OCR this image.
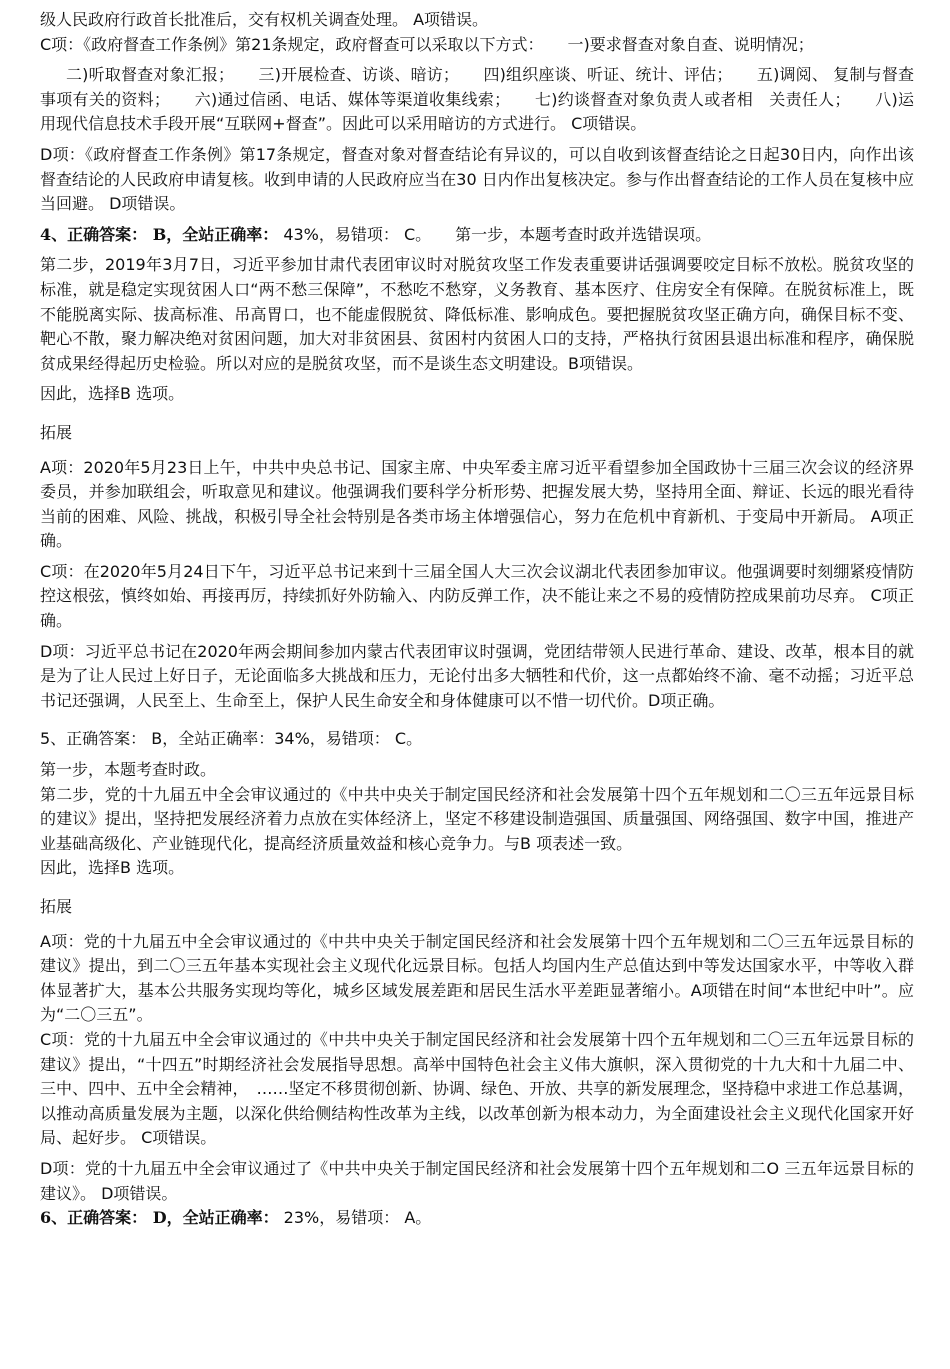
级人民政府行政首长批准后，交有权机关调查处理。 A项错误。

C项：《政府督查工作条例》第21条规定，政府督查可以采取以下方式：　　一)要求督查对象自查、说明情况；

二)听取督查对象汇报；　　三)开展检查、访谈、暗访；　　四)组织座谈、听证、统计、评估；　　五)调阅、 复制与督查事项有关的资料；　　六)通过信函、电话、媒体等渠道收集线索；　　七)约谈督查对象负责人或者相　关责任人；　　八)运用现代信息技术手段开展“互联网+督查”。因此可以采用暗访的方式进行。 C项错误。

D项：《政府督查工作条例》第17条规定，督查对象对督查结论有异议的，可以自收到该督查结论之日起30日内，向作出该督查结论的人民政府申请复核。收到申请的人民政府应当在30 日内作出复核决定。参与作出督查结论的工作人员在复核中应当回避。 D项错误。

4、正确答案： B，全站正确率： 43%，易错项： C。　　第一步，本题考查时政并选错误项。

第二步，2019年3月7日，习近平参加甘肃代表团审议时对脱贫攻坚工作发表重要讲话强调要咬定目标不放松。脱贫攻坚的标准，就是稳定实现贫困人口“两不愁三保障”，不愁吃不愁穿，义务教育、基本医疗、住房安全有保障。在脱贫标准上，既不能脱离实际、拔高标准、吊高胃口，也不能虚假脱贫、降低标准、影响成色。要把握脱贫攻坚正确方向，确保目标不变、靶心不散，聚力解决绝对贫困问题，加大对非贫困县、贫困村内贫困人口的支持，严格执行贫困县退出标准和程序，确保脱贫成果经得起历史检验。所以对应的是脱贫攻坚，而不是谈生态文明建设。B项错误。

因此，选择B 选项。

拓展

A项：2020年5月23日上午，中共中央总书记、国家主席、中央军委主席习近平看望参加全国政协十三届三次会议的经济界委员，并参加联组会，听取意见和建议。他强调我们要科学分析形势、把握发展大势，坚持用全面、辩证、长远的眼光看待当前的困难、风险、挑战，积极引导全社会特别是各类市场主体增强信心，努力在危机中育新机、于变局中开新局。 A项正确。

C项：在2020年5月24日下午，习近平总书记来到十三届全国人大三次会议湖北代表团参加审议。他强调要时刻绷紧疫情防控这根弦，慎终如始、再接再厉，持续抓好外防输入、内防反弹工作，决不能让来之不易的疫情防控成果前功尽弃。 C项正确。

D项：习近平总书记在2020年两会期间参加内蒙古代表团审议时强调，党团结带领人民进行革命、建设、改革，根本目的就是为了让人民过上好日子，无论面临多大挑战和压力，无论付出多大牺牲和代价，这一点都始终不渝、毫不动摇；习近平总书记还强调，人民至上、生命至上，保护人民生命安全和身体健康可以不惜一切代价。D项正确。

5、正确答案： B，全站正确率：34%，易错项： C。

第一步，本题考查时政。

第二步，党的十九届五中全会审议通过的《中共中央关于制定国民经济和社会发展第十四个五年规划和二〇三五年远景目标的建议》提出，坚持把发展经济着力点放在实体经济上，坚定不移建设制造强国、质量强国、网络强国、数字中国，推进产业基础高级化、产业链现代化，提高经济质量效益和核心竞争力。与B 项表述一致。

因此，选择B 选项。

拓展

A项：党的十九届五中全会审议通过的《中共中央关于制定国民经济和社会发展第十四个五年规划和二〇三五年远景目标的建议》提出，到二〇三五年基本实现社会主义现代化远景目标。包括人均国内生产总值达到中等发达国家水平，中等收入群体显著扩大，基本公共服务实现均等化，城乡区域发展差距和居民生活水平差距显著缩小。A项错在时间“本世纪中叶”。应为“二〇三五”。

C项：党的十九届五中全会审议通过的《中共中央关于制定国民经济和社会发展第十四个五年规划和二〇三五年远景目标的建议》提出，“十四五”时期经济社会发展指导思想。高举中国特色社会主义伟大旗帜，深入贯彻党的十九大和十九届二中、三中、四中、五中全会精神，　……坚定不移贯彻创新、协调、绿色、开放、共享的新发展理念，坚持稳中求进工作总基调，以推动高质量发展为主题，以深化供给侧结构性改革为主线，以改革创新为根本动力，为全面建设社会主义现代化国家开好局、起好步。 C项错误。

D项：党的十九届五中全会审议通过了《中共中央关于制定国民经济和社会发展第十四个五年规划和二O 三五年远景目标的建议》。 D项错误。

6、正确答案： D，全站正确率： 23%，易错项： A。
